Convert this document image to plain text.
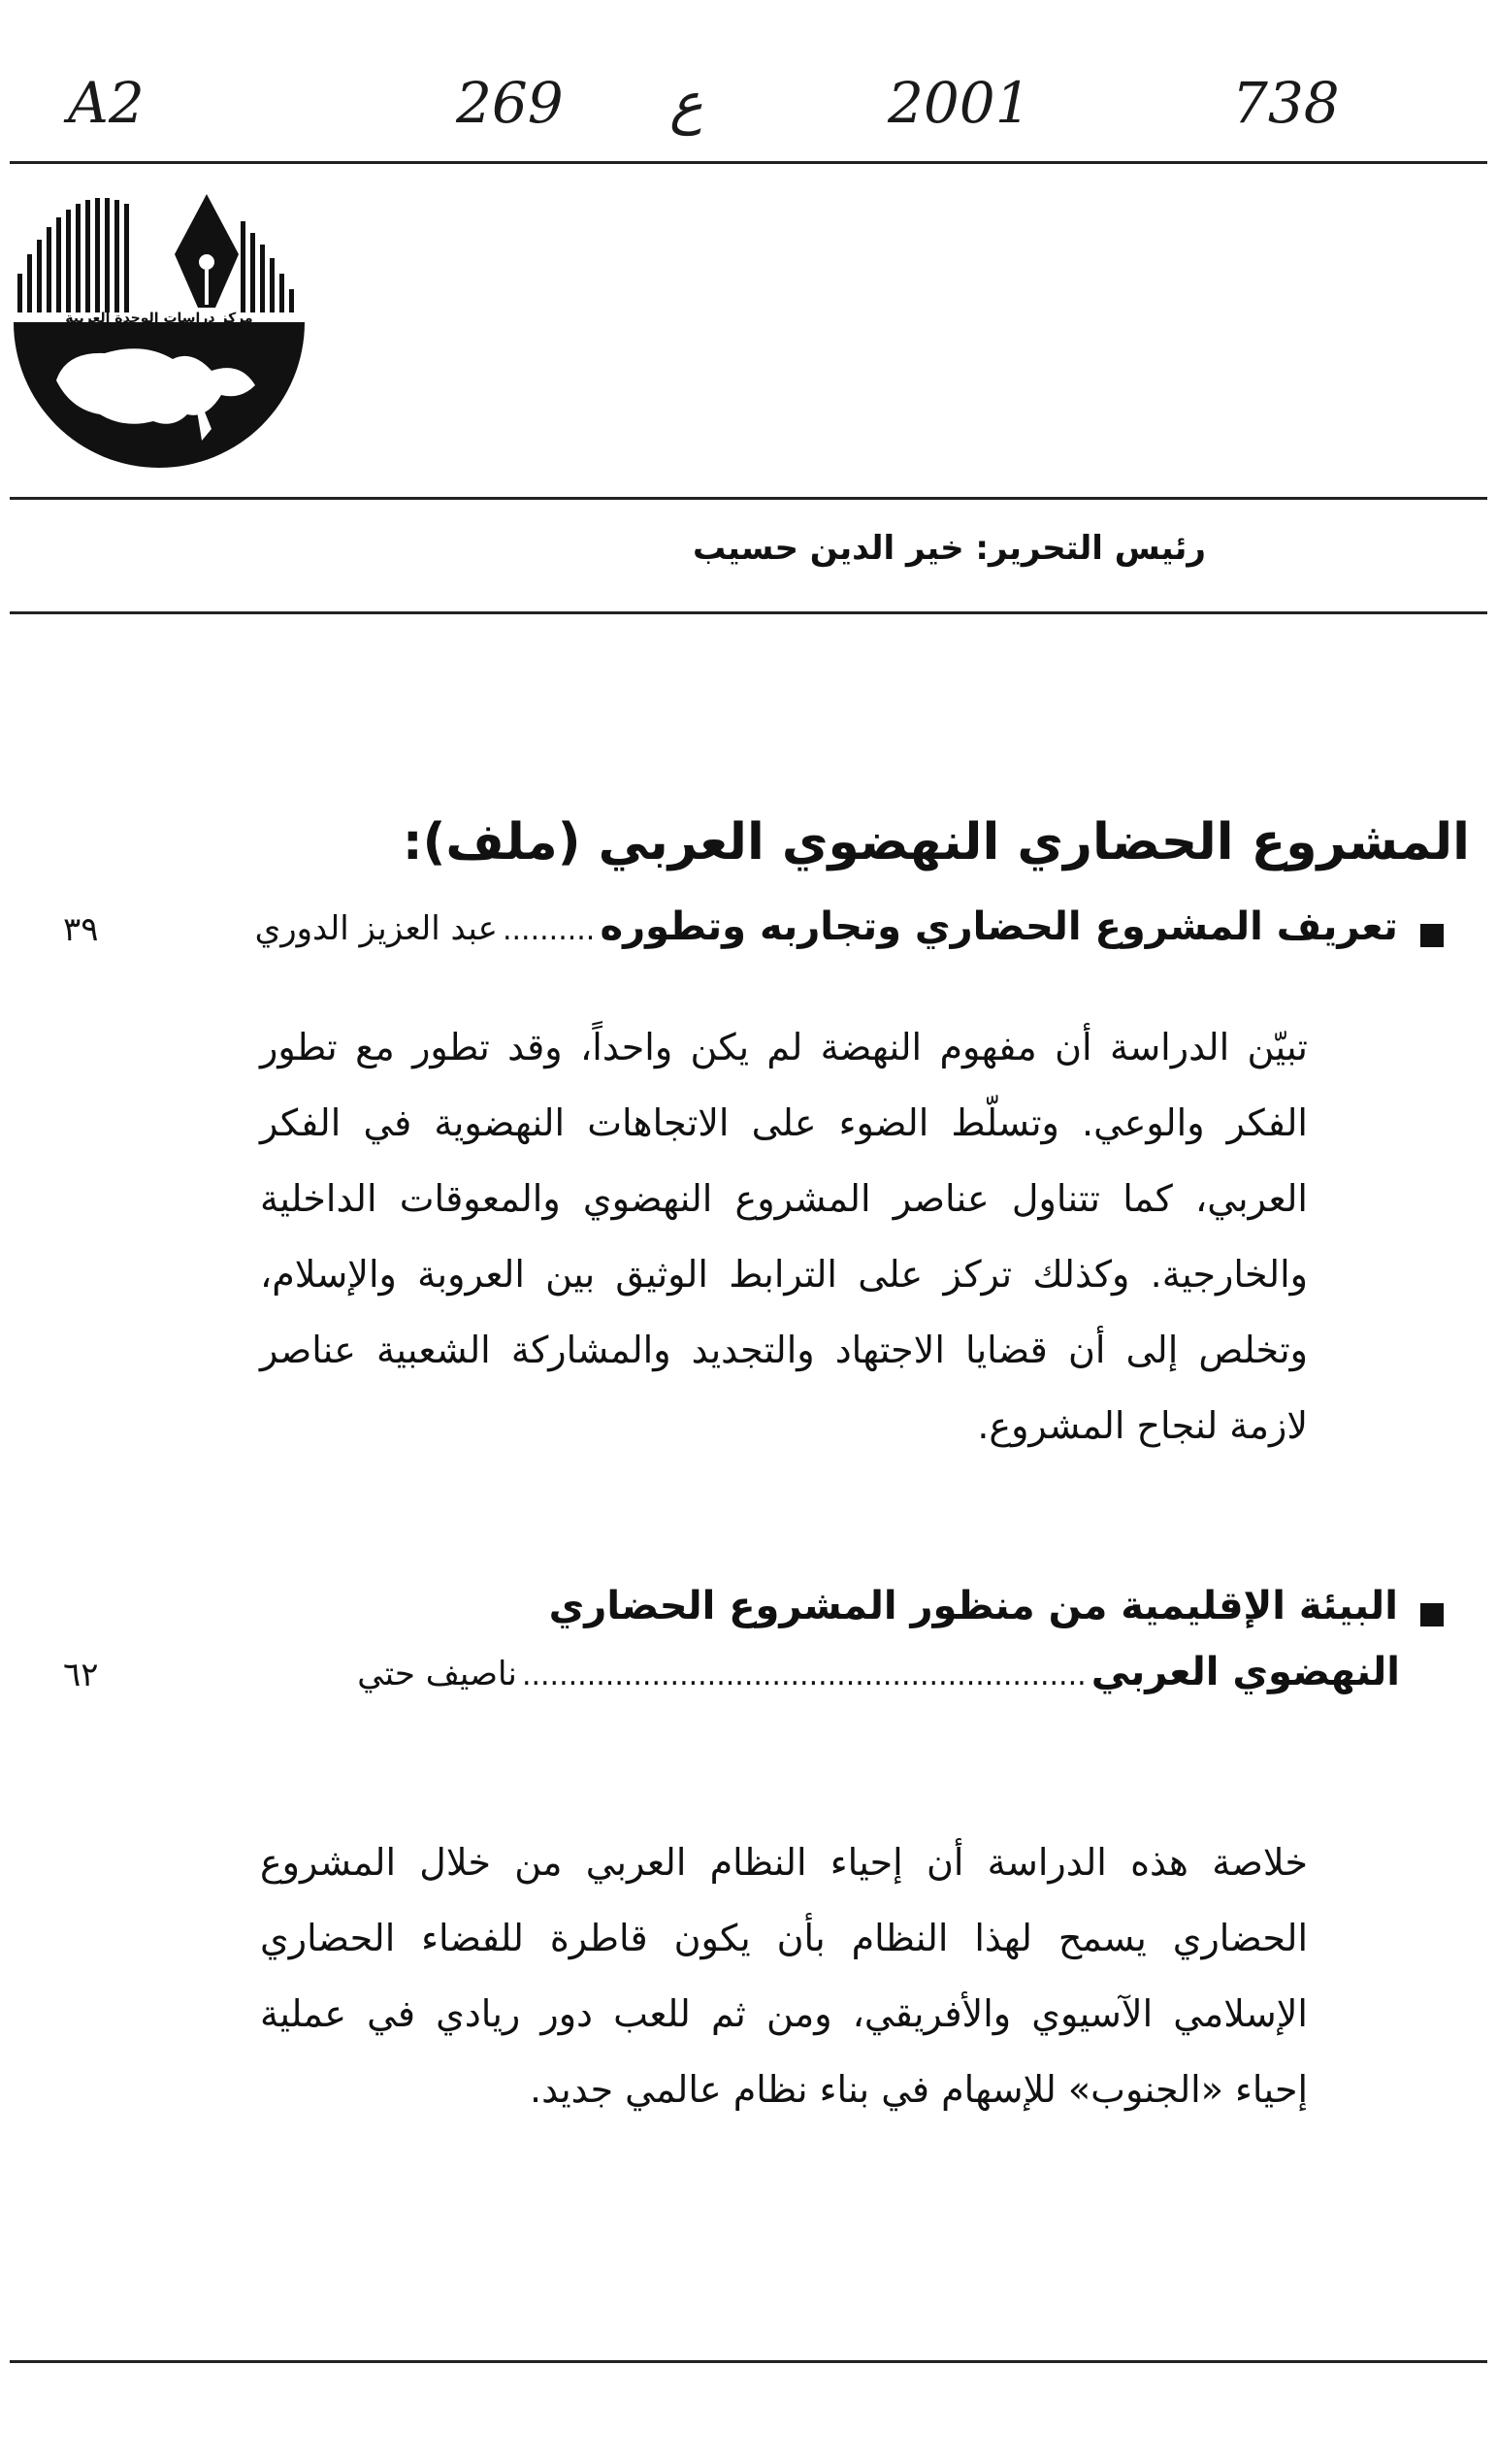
A2	269 ع	2001	738
مركز دراسات الوحدة العربية
رئيس التحرير: خير الدين حسيب
المشروع الحضاري النهضوي العربي (ملف):
تعريف المشروع الحضاري وتجاربه وتطوره .......... عبد العزيز الدوري
٣٩
تبيّن الدراسة أن مفهوم النهضة لم يكن واحداً، وقد تطور مع تطور الفكر والوعي. وتسلّط الضوء على الاتجاهات النهضوية في الفكر العربي، كما تتناول عناصر المشروع النهضوي والمعوقات الداخلية والخارجية. وكذلك تركز على الترابط الوثيق بين العروبة والإسلام، وتخلص إلى أن قضايا الاجتهاد والتجديد والمشاركة الشعبية عناصر لازمة لنجاح المشروع.
البيئة الإقليمية من منظور المشروع الحضاري
النهضوي العربي ............................................................. ناصيف حتي
٦٢
خلاصة هذه الدراسة أن إحياء النظام العربي من خلال المشروع الحضاري يسمح لهذا النظام بأن يكون قاطرة للفضاء الحضاري الإسلامي الآسيوي والأفريقي، ومن ثم للعب دور ريادي في عملية إحياء «الجنوب» للإسهام في بناء نظام عالمي جديد.
